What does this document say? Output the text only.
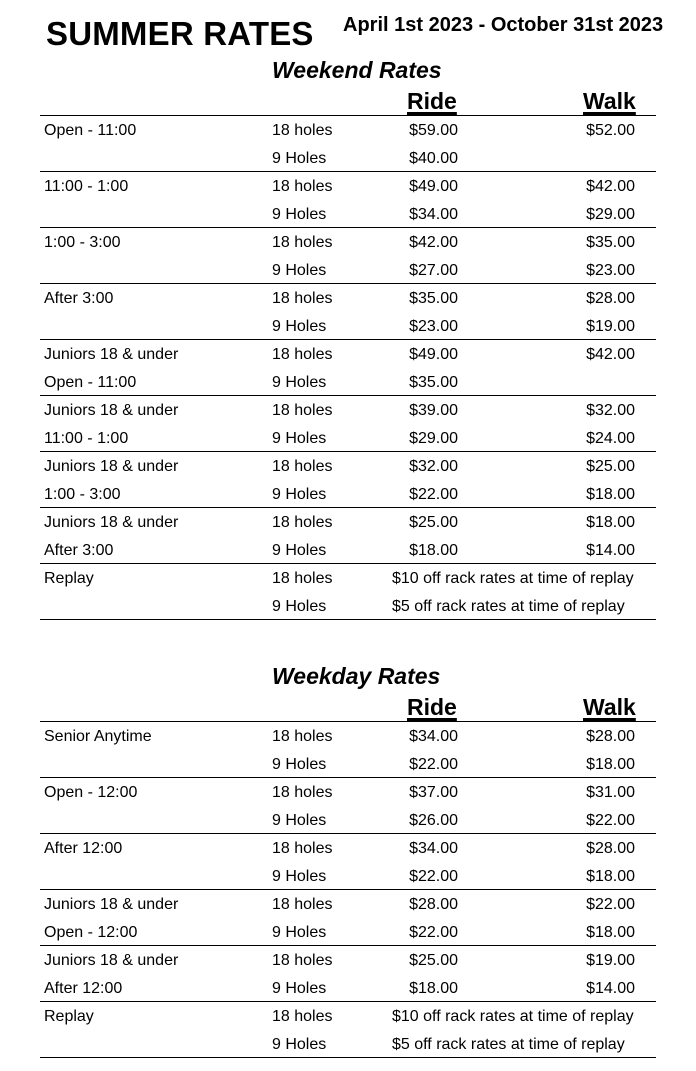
SUMMER RATES April 1st 2023 - October 31st 2023
Weekend Rates
Ride	Walk
Open - 11:00	18 holes	$59.00	$52.00
9 Holes	$40.00
11:00 - 1:00	18 holes	$49.00	$42.00
9 Holes	$34.00	$29.00
1:00 - 3:00	18 holes	$42.00	$35.00
9 Holes	$27.00	$23.00
After 3:00	18 holes	$35.00	$28.00
9 Holes	$23.00	$19.00
Juniors 18 & under	18 holes	$49.00	$42.00
Open - 11:00	9 Holes	$35.00
Juniors 18 & under	18 holes	$39.00	$32.00
11:00 - 1:00	9 Holes	$29.00	$24.00
Juniors 18 & under	18 holes	$32.00	$25.00
1:00 - 3:00	9 Holes	$22.00	$18.00
Juniors 18 & under	18 holes	$25.00	$18.00
After 3:00	9 Holes	$18.00	$14.00
Replay	18 holes	$10 off rack rates at time of replay
9 Holes	$5 off rack rates at time of replay
Weekday Rates
Ride	Walk
Senior Anytime	18 holes	$34.00	$28.00
9 Holes	$22.00	$18.00
Open - 12:00	18 holes	$37.00	$31.00
9 Holes	$26.00	$22.00
After 12:00	18 holes	$34.00	$28.00
9 Holes	$22.00	$18.00
Juniors 18 & under	18 holes	$28.00	$22.00
Open - 12:00	9 Holes	$22.00	$18.00
Juniors 18 & under	18 holes	$25.00	$19.00
After 12:00	9 Holes	$18.00	$14.00
Replay	18 holes	$10 off rack rates at time of replay
9 Holes	$5 off rack rates at time of replay
